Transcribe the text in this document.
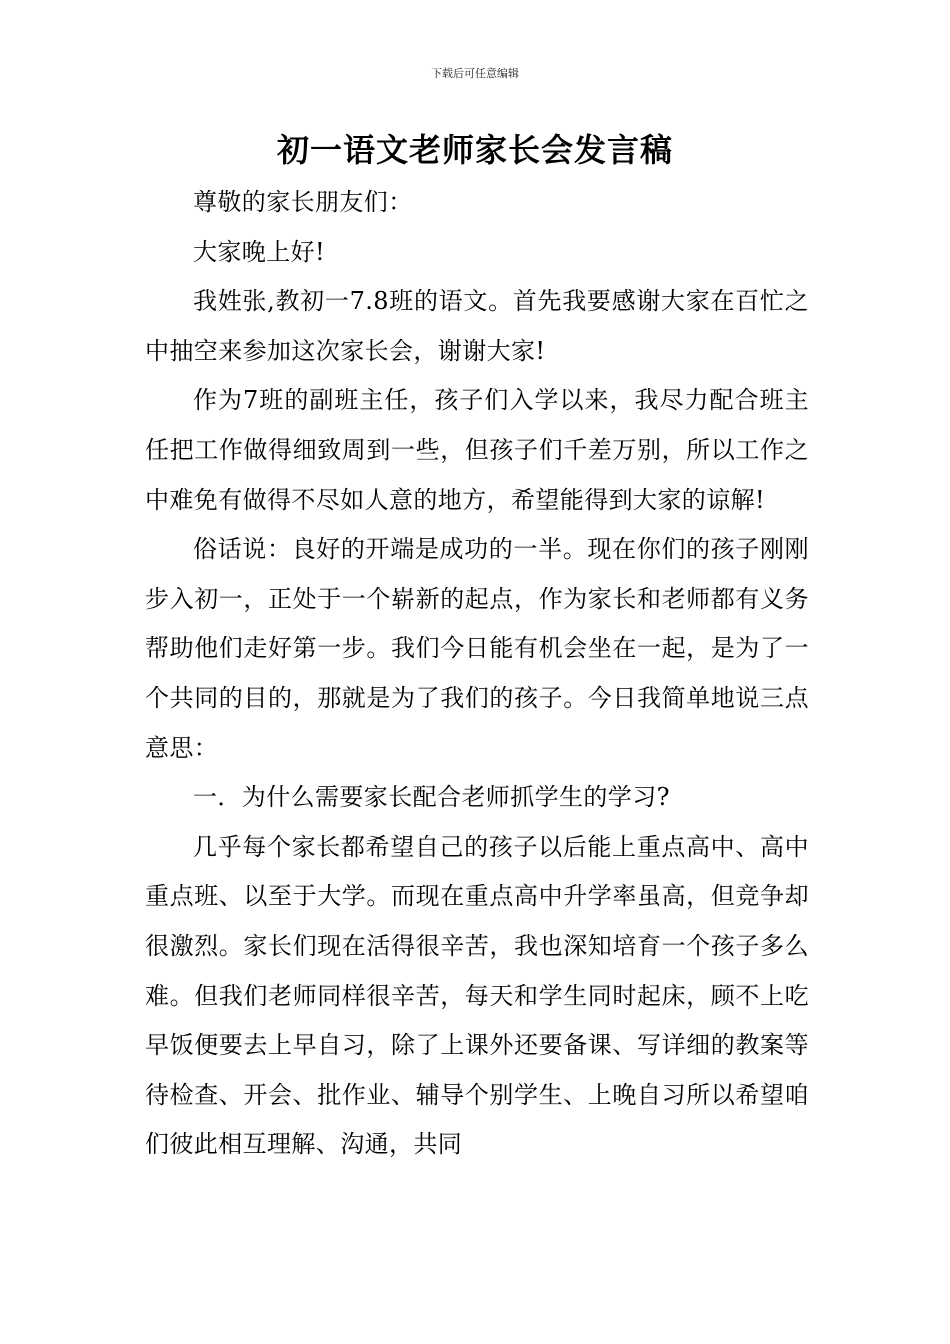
下载后可任意编辑
初一语文老师家长会发言稿

尊敬的家长朋友们：

大家晚上好!

我姓张,教初一7.8班的语文。首先我要感谢大家在百忙之中抽空来参加这次家长会，谢谢大家!

作为7班的副班主任，孩子们入学以来，我尽力配合班主任把工作做得细致周到一些，但孩子们千差万别，所以工作之中难免有做得不尽如人意的地方，希望能得到大家的谅解!

俗话说：良好的开端是成功的一半。现在你们的孩子刚刚步入初一，正处于一个崭新的起点，作为家长和老师都有义务帮助他们走好第一步。我们今日能有机会坐在一起，是为了一个共同的目的，那就是为了我们的孩子。今日我简单地说三点意思：

一．为什么需要家长配合老师抓学生的学习?

几乎每个家长都希望自己的孩子以后能上重点高中、高中重点班、以至于大学。而现在重点高中升学率虽高，但竞争却很激烈。家长们现在活得很辛苦，我也深知培育一个孩子多么难。但我们老师同样很辛苦，每天和学生同时起床，顾不上吃早饭便要去上早自习，除了上课外还要备课、写详细的教案等待检查、开会、批作业、辅导个别学生、上晚自习所以希望咱们彼此相互理解、沟通，共同
